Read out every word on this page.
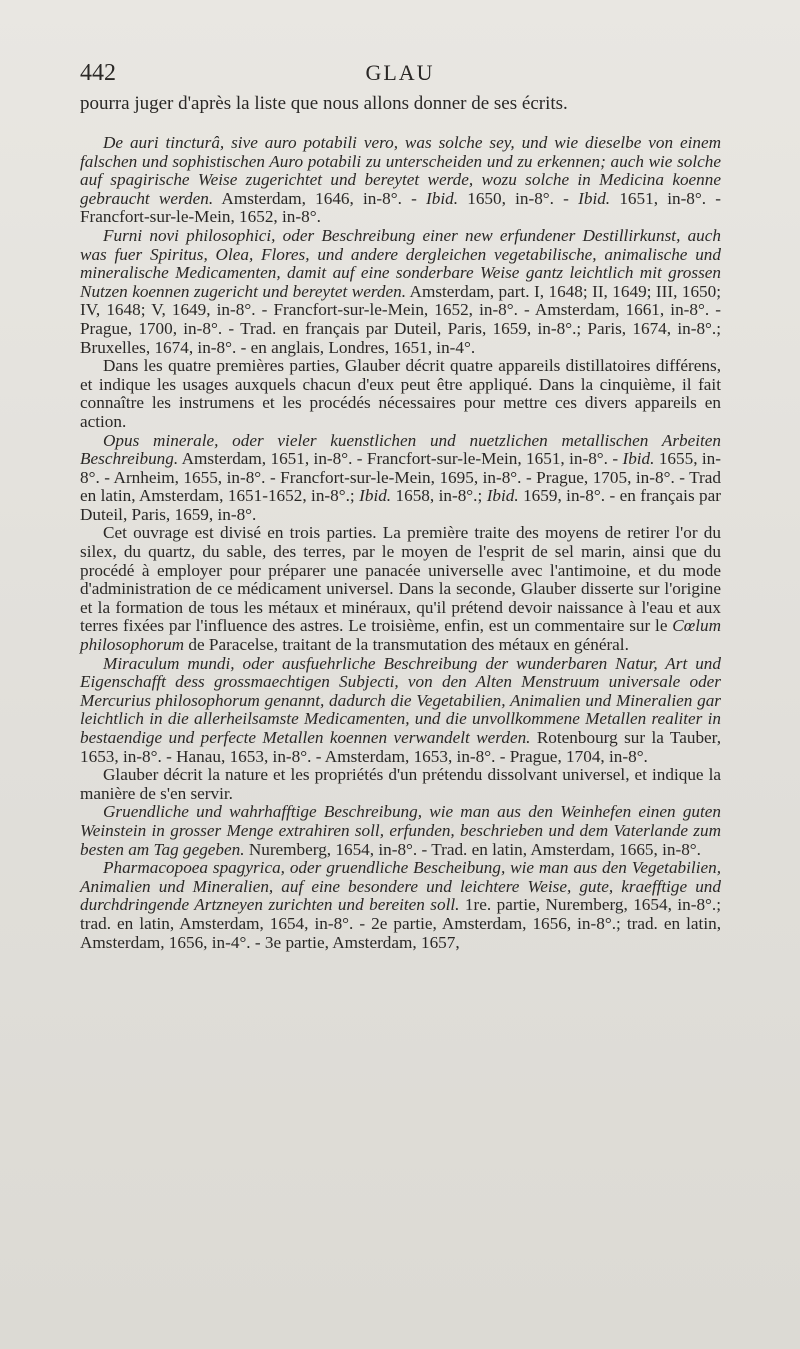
442	GLAU

pourra juger d'après la liste que nous allons donner de ses écrits.

De auri tincturâ, sive auro potabili vero, was solche sey, und wie dieselbe von einem falschen und sophistischen Auro potabili zu unterscheiden und zu erkennen; auch wie solche auf spagirische Weise zugerichtet und bereytet werde, wozu solche in Medicina koenne gebraucht werden. Amsterdam, 1646, in-8°. - Ibid. 1650, in-8°. - Ibid. 1651, in-8°. - Francfort-sur-le-Mein, 1652, in-8°.

Furni novi philosophici, oder Beschreibung einer new erfundener Destillirkunst, auch was fuer Spiritus, Olea, Flores, und andere dergleichen vegetabilische, animalische und mineralische Medicamenten, damit auf eine sonderbare Weise gantz leichtlich mit grossen Nutzen koennen zugericht und bereytet werden. Amsterdam, part. I, 1648; II, 1649; III, 1650; IV, 1648; V, 1649, in-8°. - Francfort-sur-le-Mein, 1652, in-8°. - Amsterdam, 1661, in-8°. - Prague, 1700, in-8°. - Trad. en français par Duteil, Paris, 1659, in-8°.; Paris, 1674, in-8°.; Bruxelles, 1674, in-8°. - en anglais, Londres, 1651, in-4°.

Dans les quatre premières parties, Glauber décrit quatre appareils distillatoires différens, et indique les usages auxquels chacun d'eux peut être appliqué. Dans la cinquième, il fait connaître les instrumens et les procédés nécessaires pour mettre ces divers appareils en action.

Opus minerale, oder vieler kuenstlichen und nuetzlichen metallischen Arbeiten Beschreibung. Amsterdam, 1651, in-8°. - Francfort-sur-le-Mein, 1651, in-8°. - Ibid. 1655, in-8°. - Arnheim, 1655, in-8°. - Francfort-sur-le-Mein, 1695, in-8°. - Prague, 1705, in-8°. - Trad en latin, Amsterdam, 1651-1652, in-8°.; Ibid. 1658, in-8°.; Ibid. 1659, in-8°. - en français par Duteil, Paris, 1659, in-8°.

Cet ouvrage est divisé en trois parties. La première traite des moyens de retirer l'or du silex, du quartz, du sable, des terres, par le moyen de l'esprit de sel marin, ainsi que du procédé à employer pour préparer une panacée universelle avec l'antimoine, et du mode d'administration de ce médicament universel. Dans la seconde, Glauber disserte sur l'origine et la formation de tous les métaux et minéraux, qu'il prétend devoir naissance à l'eau et aux terres fixées par l'influence des astres. Le troisième, enfin, est un commentaire sur le Cœlum philosophorum de Paracelse, traitant de la transmutation des métaux en général.

Miraculum mundi, oder ausfuehrliche Beschreibung der wunderbaren Natur, Art und Eigenschafft dess grossmaechtigen Subjecti, von den Alten Menstruum universale oder Mercurius philosophorum genannt, dadurch die Vegetabilien, Animalien und Mineralien gar leichtlich in die allerheilsamste Medicamenten, und die unvollkommene Metallen realiter in bestaendige und perfecte Metallen koennen verwandelt werden. Rotenbourg sur la Tauber, 1653, in-8°. - Hanau, 1653, in-8°. - Amsterdam, 1653, in-8°. - Prague, 1704, in-8°.

Glauber décrit la nature et les propriétés d'un prétendu dissolvant universel, et indique la manière de s'en servir.

Gruendliche und wahrhafftige Beschreibung, wie man aus den Weinhefen einen guten Weinstein in grosser Menge extrahiren soll, erfunden, beschrieben und dem Vaterlande zum besten am Tag gegeben. Nuremberg, 1654, in-8°. - Trad. en latin, Amsterdam, 1665, in-8°.

Pharmacopoea spagyrica, oder gruendliche Bescheibung, wie man aus den Vegetabilien, Animalien und Mineralien, auf eine besondere und leichtere Weise, gute, kraefftige und durchdringende Artzneyen zurichten und bereiten soll. 1re. partie, Nuremberg, 1654, in-8°.; trad. en latin, Amsterdam, 1654, in-8°. - 2e partie, Amsterdam, 1656, in-8°.; trad. en latin, Amsterdam, 1656, in-4°. - 3e partie, Amsterdam, 1657,
